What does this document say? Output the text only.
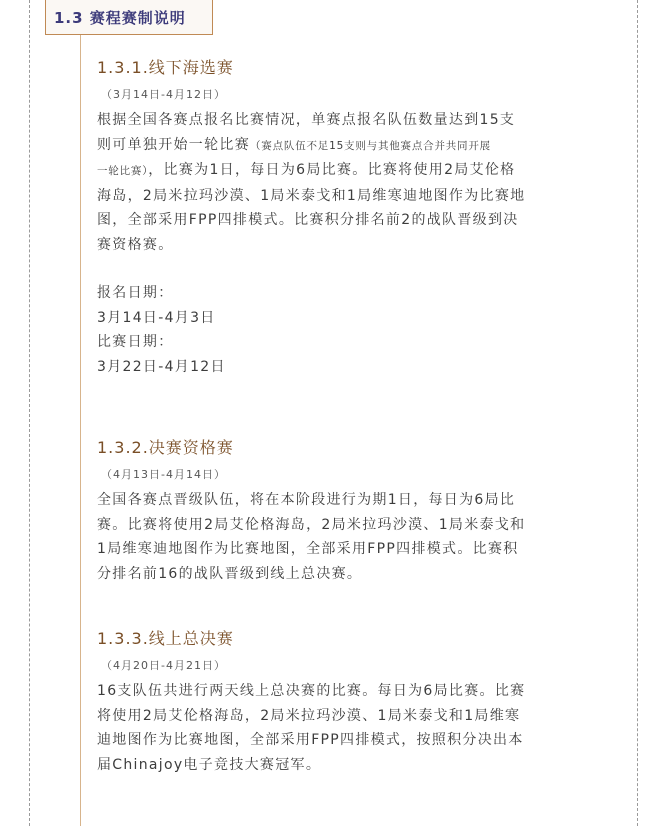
1.3 赛程赛制说明

1.3.1.线下海选赛

（3月14日-4月12日）
根据全国各赛点报名比赛情况，单赛点报名队伍数量达到15支
则可单独开始一轮比赛（赛点队伍不足15支则与其他赛点合并共同开展
一轮比赛），比赛为1日，每日为6局比赛。比赛将使用2局艾伦格
海岛，2局米拉玛沙漠、1局米泰戈和1局维寒迪地图作为比赛地
图，全部采用FPP四排模式。比赛积分排名前2的战队晋级到决
赛资格赛。
报名日期：
3月14日-4月3日
比赛日期：
3月22日-4月12日

1.3.2.决赛资格赛

（4月13日-4月14日）
全国各赛点晋级队伍，将在本阶段进行为期1日，每日为6局比
赛。比赛将使用2局艾伦格海岛，2局米拉玛沙漠、1局米泰戈和
1局维寒迪地图作为比赛地图，全部采用FPP四排模式。比赛积
分排名前16的战队晋级到线上总决赛。

1.3.3.线上总决赛

（4月20日-4月21日）
16支队伍共进行两天线上总决赛的比赛。每日为6局比赛。比赛
将使用2局艾伦格海岛，2局米拉玛沙漠、1局米泰戈和1局维寒
迪地图作为比赛地图，全部采用FPP四排模式，按照积分决出本
届Chinajoy电子竞技大赛冠军。
